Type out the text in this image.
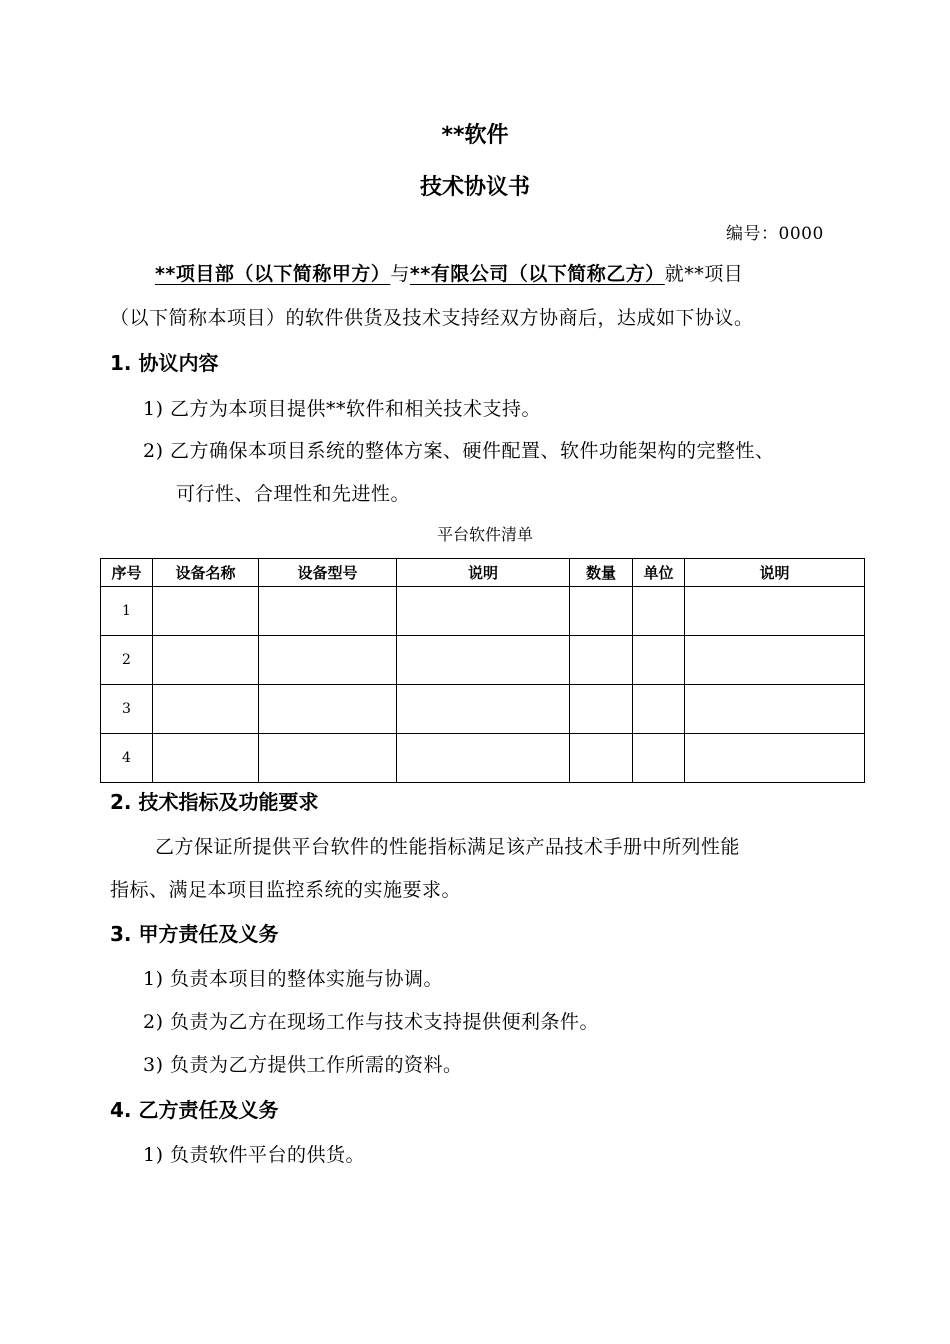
**软件
技术协议书
编号：0000
**项目部（以下简称甲方）与**有限公司（以下简称乙方）就**项目
（以下简称本项目）的软件供货及技术支持经双方协商后，达成如下协议。
1. 协议内容
1) 乙方为本项目提供**软件和相关技术支持。
2) 乙方确保本项目系统的整体方案、硬件配置、软件功能架构的完整性、
可行性、合理性和先进性。
平台软件清单
序号	设备名称	设备型号	说明	数量	单位	说明
1						
2						
3						
4						
2. 技术指标及功能要求
乙方保证所提供平台软件的性能指标满足该产品技术手册中所列性能
指标、满足本项目监控系统的实施要求。
3. 甲方责任及义务
1) 负责本项目的整体实施与协调。
2) 负责为乙方在现场工作与技术支持提供便利条件。
3) 负责为乙方提供工作所需的资料。
4. 乙方责任及义务
1) 负责软件平台的供货。
